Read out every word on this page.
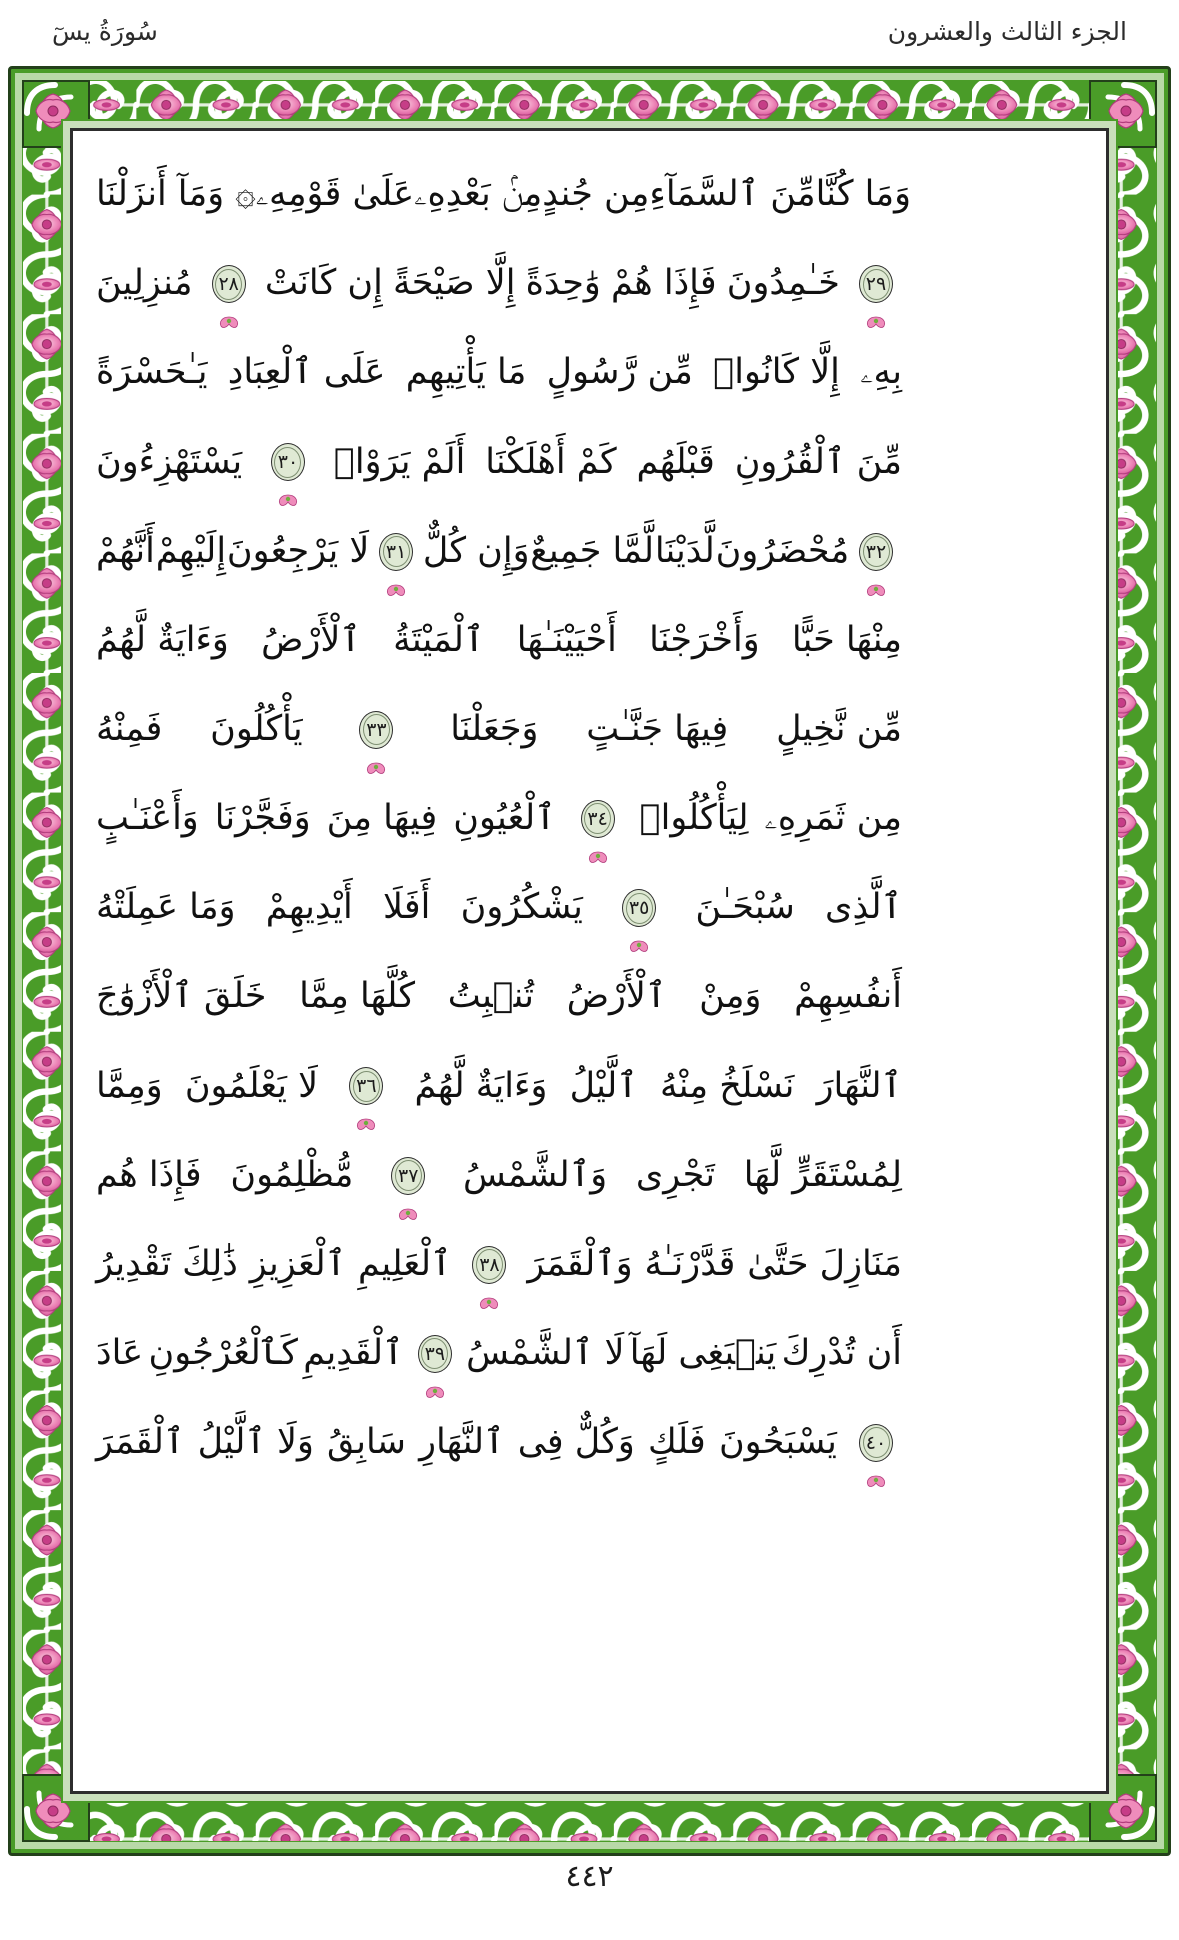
الجزء الثالث والعشرون
سُورَةُ يسٓ
۞ وَمَآ أَنزَلْنَا عَلَىٰ قَوْمِهِۦ مِنۢ بَعْدِهِۦ مِن جُندٍ مِّنَ ٱلسَّمَآءِ وَمَا كُنَّا
مُنزِلِينَ ٢٨ إِن كَانَتْ إِلَّا صَيْحَةً وَٰحِدَةً فَإِذَا هُمْ خَـٰمِدُونَ ٢٩
يَـٰحَسْرَةً عَلَى ٱلْعِبَادِ مَا يَأْتِيهِم مِّن رَّسُولٍ إِلَّا كَانُوا۟ بِهِۦ
يَسْتَهْزِءُونَ ٣٠ أَلَمْ يَرَوْا۟ كَمْ أَهْلَكْنَا قَبْلَهُم مِّنَ ٱلْقُرُونِ
أَنَّهُمْ إِلَيْهِمْ لَا يَرْجِعُونَ ٣١ وَإِن كُلٌّ لَّمَّا جَمِيعٌ لَّدَيْنَا مُحْضَرُونَ ٣٢
وَءَايَةٌ لَّهُمُ ٱلْأَرْضُ ٱلْمَيْتَةُ أَحْيَيْنَـٰهَا وَأَخْرَجْنَا مِنْهَا حَبًّا
فَمِنْهُ يَأْكُلُونَ	٣٣ وَجَعَلْنَا فِيهَا جَنَّـٰتٍ مِّن نَّخِيلٍ
وَأَعْنَـٰبٍ وَفَجَّرْنَا فِيهَا مِنَ ٱلْعُيُونِ ٣٤ لِيَأْكُلُوا۟ مِن ثَمَرِهِۦ
وَمَا عَمِلَتْهُ أَيْدِيهِمْ أَفَلَا يَشْكُرُونَ ٣٥ سُبْحَـٰنَ ٱلَّذِى
خَلَقَ ٱلْأَزْوَٰجَ كُلَّهَا مِمَّا تُنۢبِتُ ٱلْأَرْضُ وَمِنْ أَنفُسِهِمْ
وَمِمَّا لَا يَعْلَمُونَ ٣٦ وَءَايَةٌ لَّهُمُ ٱلَّيْلُ نَسْلَخُ مِنْهُ ٱلنَّهَارَ
فَإِذَا هُم مُّظْلِمُونَ ٣٧ وَٱلشَّمْسُ تَجْرِى لِمُسْتَقَرٍّ لَّهَا
ذَٰلِكَ تَقْدِيرُ ٱلْعَزِيزِ ٱلْعَلِيمِ ٣٨ وَٱلْقَمَرَ قَدَّرْنَـٰهُ مَنَازِلَ حَتَّىٰ
عَادَ كَٱلْعُرْجُونِ ٱلْقَدِيمِ ٣٩ لَا ٱلشَّمْسُ يَنۢبَغِى لَهَآ أَن تُدْرِكَ
ٱلْقَمَرَ وَلَا ٱلَّيْلُ سَابِقُ ٱلنَّهَارِ وَكُلٌّ فِى فَلَكٍ يَسْبَحُونَ ٤٠
٤٤٢
